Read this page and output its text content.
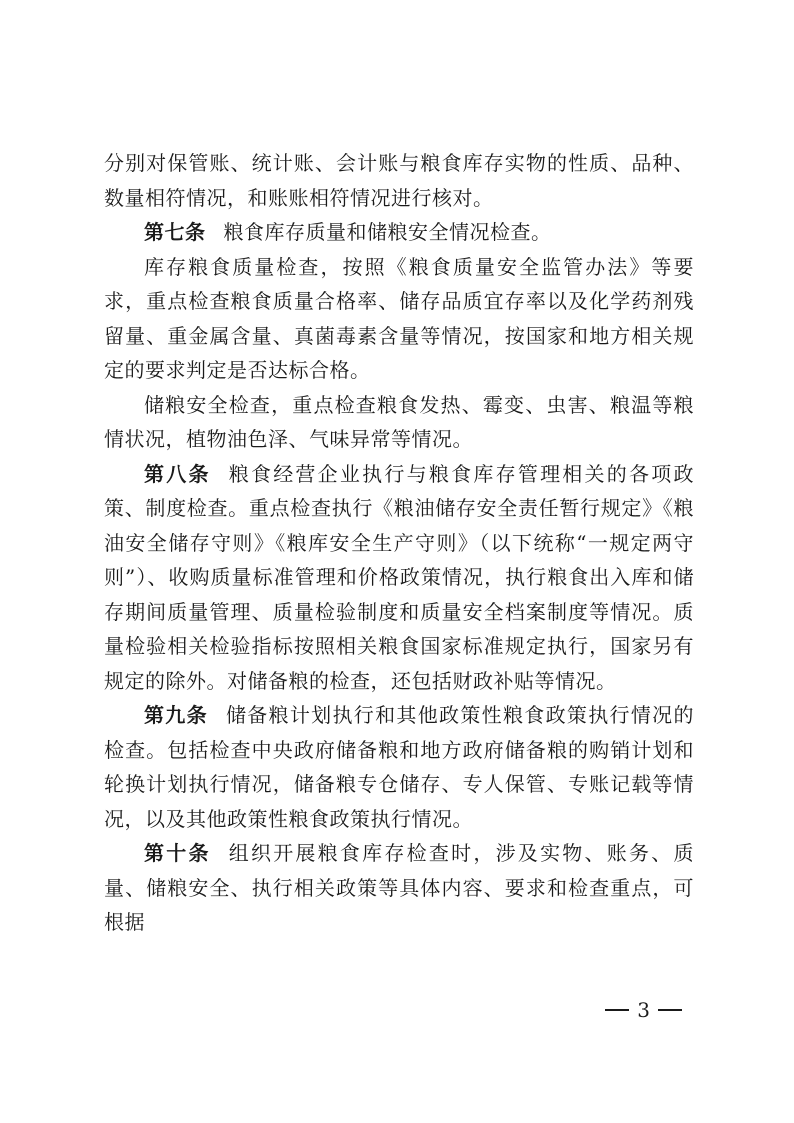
分别对保管账、统计账、会计账与粮食库存实物的性质、品种、数量相符情况，和账账相符情况进行核对。

第七条 粮食库存质量和储粮安全情况检查。

库存粮食质量检查，按照《粮食质量安全监管办法》等要求，重点检查粮食质量合格率、储存品质宜存率以及化学药剂残留量、重金属含量、真菌毒素含量等情况，按国家和地方相关规定的要求判定是否达标合格。

储粮安全检查，重点检查粮食发热、霉变、虫害、粮温等粮情状况，植物油色泽、气味异常等情况。

第八条 粮食经营企业执行与粮食库存管理相关的各项政策、制度检查。重点检查执行《粮油储存安全责任暂行规定》《粮油安全储存守则》《粮库安全生产守则》（以下统称“一规定两守则”）、收购质量标准管理和价格政策情况，执行粮食出入库和储存期间质量管理、质量检验制度和质量安全档案制度等情况。质量检验相关检验指标按照相关粮食国家标准规定执行，国家另有规定的除外。对储备粮的检查，还包括财政补贴等情况。

第九条 储备粮计划执行和其他政策性粮食政策执行情况的检查。包括检查中央政府储备粮和地方政府储备粮的购销计划和轮换计划执行情况，储备粮专仓储存、专人保管、专账记载等情况，以及其他政策性粮食政策执行情况。

第十条 组织开展粮食库存检查时，涉及实物、账务、质量、储粮安全、执行相关政策等具体内容、要求和检查重点，可根据

3
